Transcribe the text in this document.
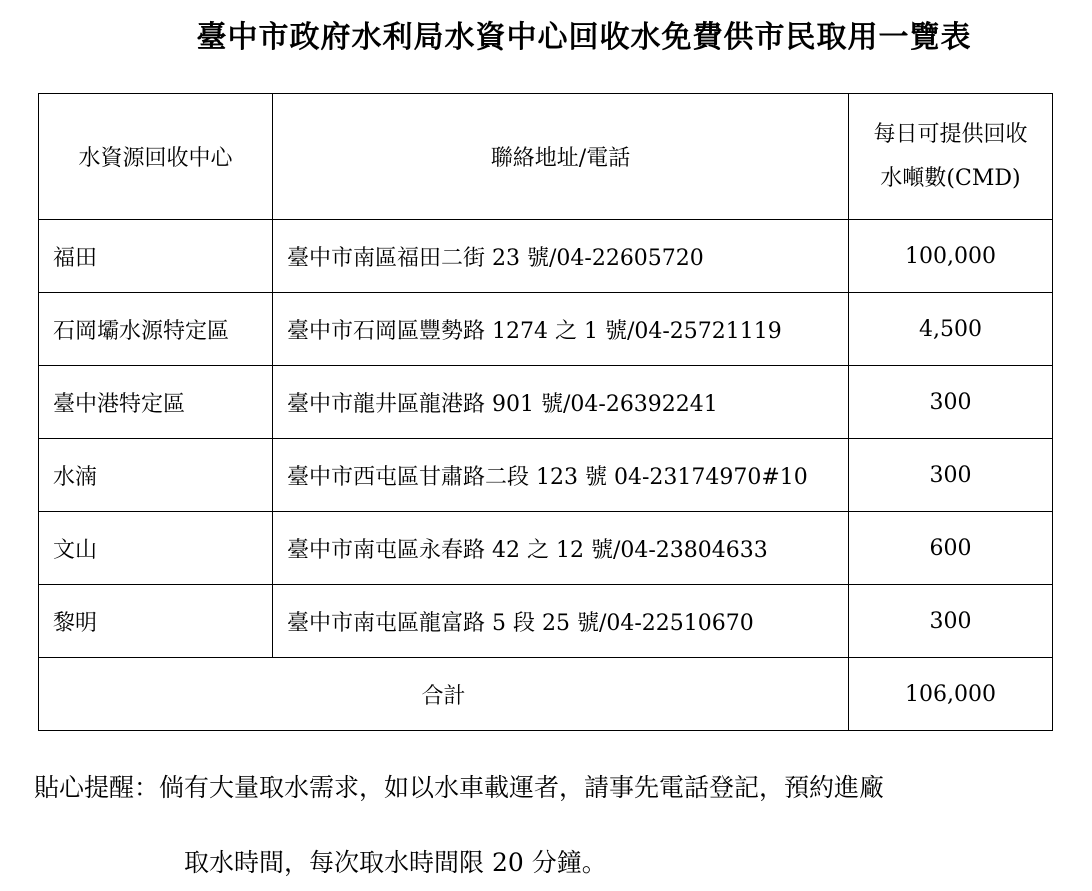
臺中市政府水利局水資中心回收水免費供市民取用一覽表
水資源回收中心	聯絡地址/電話	每日可提供回收
水噸數(CMD)

福田	臺中市南區福田二街 23 號/04-22605720	100,000
石岡壩水源特定區	臺中市石岡區豐勢路 1274 之 1 號/04-25721119	4,500
臺中港特定區	臺中市龍井區龍港路 901 號/04-26392241	300
水湳	臺中市西屯區甘肅路二段 123 號 04-23174970#10	300
文山	臺中市南屯區永春路 42 之 12 號/04-23804633	600
黎明	臺中市南屯區龍富路 5 段 25 號/04-22510670	300
合計		106,000
貼心提醒：倘有大量取水需求，如以水車載運者，請事先電話登記，預約進廠
取水時間，每次取水時間限 20 分鐘。
